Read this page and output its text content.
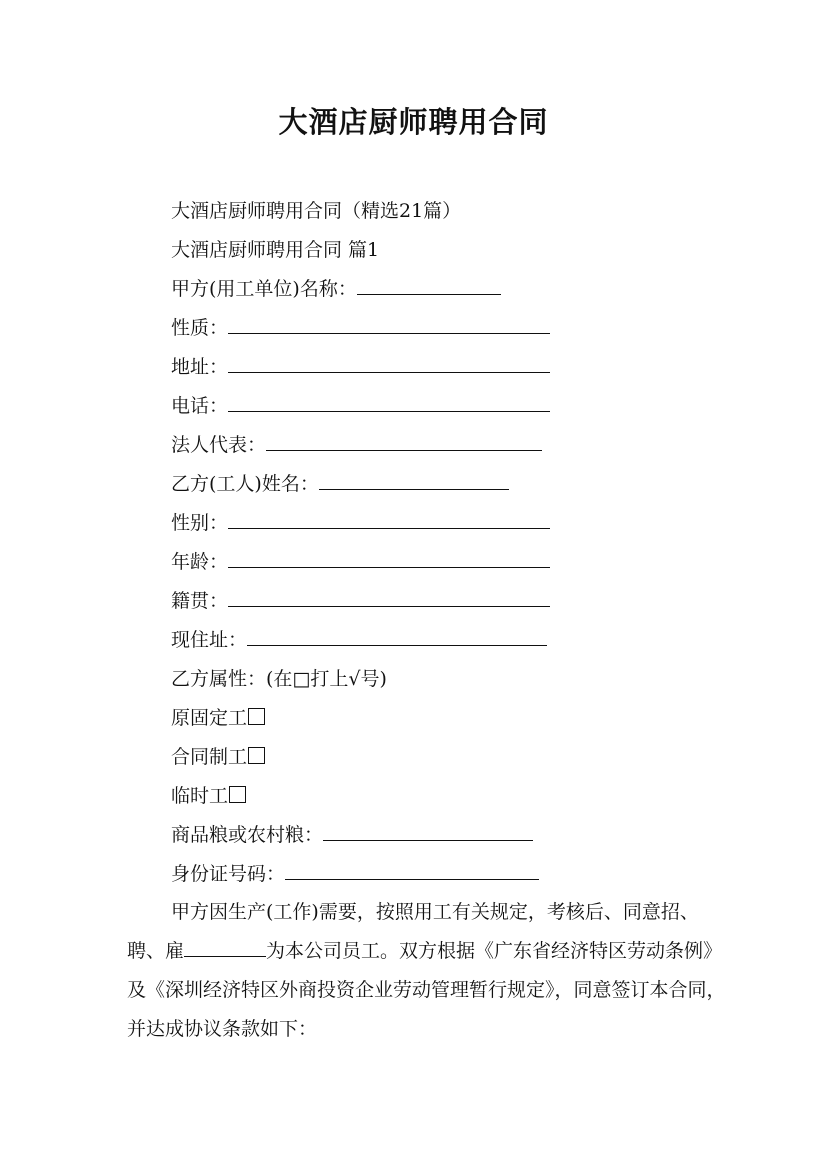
大酒店厨师聘用合同
大酒店厨师聘用合同（精选21篇）
大酒店厨师聘用合同 篇1
甲方(用工单位)名称：
性质：
地址：
电话：
法人代表：
乙方(工人)姓名：
性别：
年龄：
籍贯：
现住址：
乙方属性：(在□打上√号)
原固定工
合同制工
临时工
商品粮或农村粮：
身份证号码：
甲方因生产(工作)需要，按照用工有关规定，考核后、同意招、聘、雇	为本公司员工。双方根据《广东省经济特区劳动条例》及《深圳经济特区外商投资企业劳动管理暂行规定》，同意签订本合同，并达成协议条款如下：
